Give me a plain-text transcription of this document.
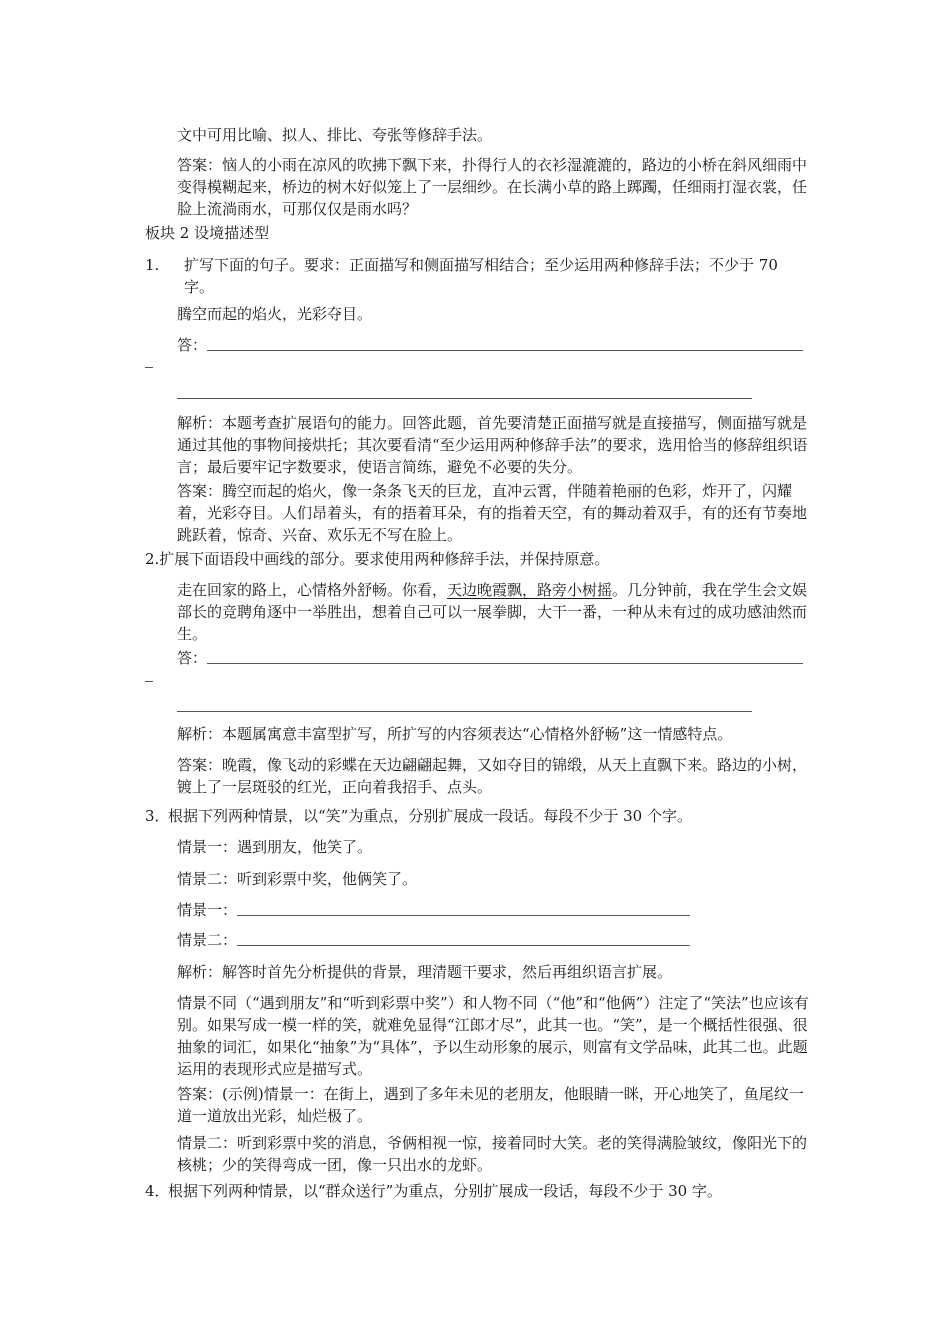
文中可用比喻、拟人、排比、夸张等修辞手法。

答案：恼人的小雨在凉风的吹拂下飘下来，扑得行人的衣衫湿漉漉的，路边的小桥在斜风细雨中变得模糊起来，桥边的树木好似笼上了一层细纱。在长满小草的路上踯躅，任细雨打湿衣裳，任脸上流淌雨水，可那仅仅是雨水吗？

板块 2 设境描述型

1. 扩写下面的句子。要求：正面描写和侧面描写相结合；至少运用两种修辞手法；不少于 70 字。

腾空而起的焰火，光彩夺目。

答：

解析：本题考查扩展语句的能力。回答此题，首先要清楚正面描写就是直接描写，侧面描写就是通过其他的事物间接烘托；其次要看清“至少运用两种修辞手法”的要求，选用恰当的修辞组织语言；最后要牢记字数要求，使语言简练，避免不必要的失分。

答案：腾空而起的焰火，像一条条飞天的巨龙，直冲云霄，伴随着艳丽的色彩，炸开了，闪耀着，光彩夺目。人们昂着头，有的捂着耳朵，有的指着天空，有的舞动着双手，有的还有节奏地跳跃着，惊奇、兴奋、欢乐无不写在脸上。

2.扩展下面语段中画线的部分。要求使用两种修辞手法，并保持原意。

走在回家的路上，心情格外舒畅。你看，天边晚霞飘，路旁小树摇。几分钟前，我在学生会文娱部长的竞聘角逐中一举胜出，想着自己可以一展拳脚，大干一番，一种从未有过的成功感油然而生。

答：

解析：本题属寓意丰富型扩写，所扩写的内容须表达“心情格外舒畅”这一情感特点。

答案：晚霞，像飞动的彩蝶在天边翩翩起舞，又如夺目的锦缎，从天上直飘下来。路边的小树，镀上了一层斑驳的红光，正向着我招手、点头。

3．

根据下列两种情景，以“笑”为重点，分别扩展成一段话。每段不少于 30 个字。

情景一：遇到朋友，他笑了。

情景二：听到彩票中奖，他俩笑了。

情景一：
情景二：

解析：解答时首先分析提供的背景，理清题干要求，然后再组织语言扩展。

情景不同（“遇到朋友”和“听到彩票中奖”）和人物不同（“他”和“他俩”）注定了“笑法”也应该有别。如果写成一模一样的笑，就难免显得“江郎才尽”，此其一也。“笑”，是一个概括性很强、很抽象的词汇，如果化“抽象”为“具体”，予以生动形象的展示，则富有文学品味，此其二也。此题运用的表现形式应是描写式。

答案：(示例)情景一：在街上，遇到了多年未见的老朋友，他眼睛一眯，开心地笑了，鱼尾纹一道一道放出光彩，灿烂极了。

情景二：听到彩票中奖的消息，爷俩相视一惊，接着同时大笑。老的笑得满脸皱纹，像阳光下的核桃；少的笑得弯成一团，像一只出水的龙虾。

4．

根据下列两种情景，以“群众送行”为重点，分别扩展成一段话，每段不少于 30 字。
